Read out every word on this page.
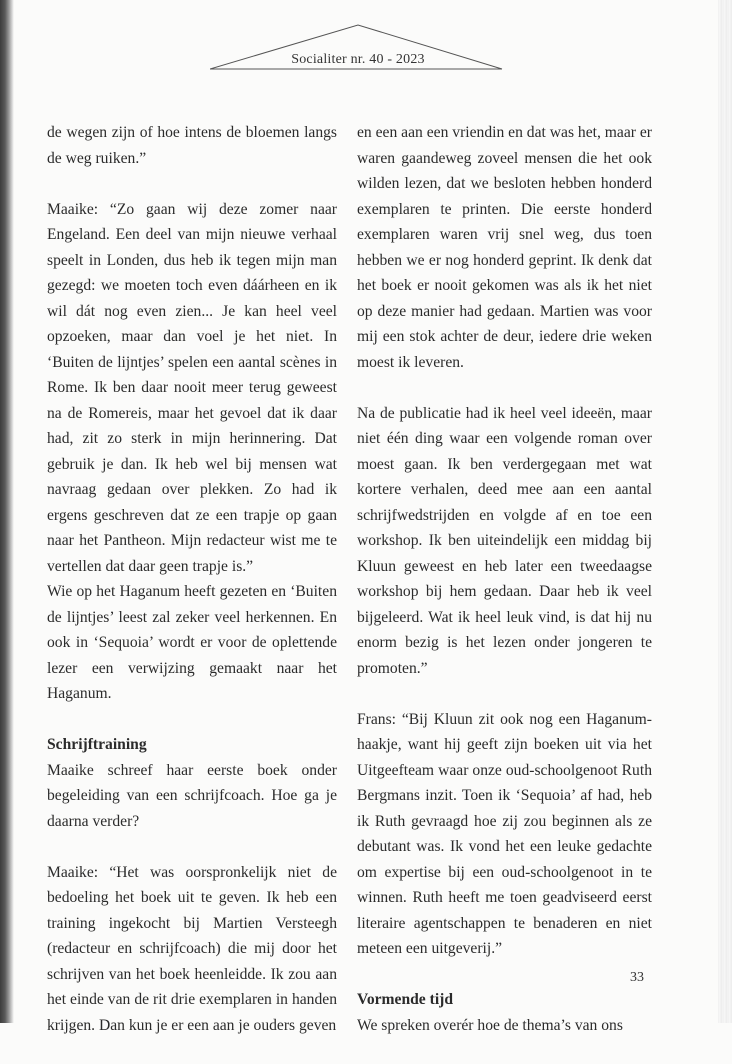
Socialiter nr. 40 - 2023

de wegen zijn of hoe intens de bloemen langs de weg ruiken.”

Maaike: “Zo gaan wij deze zomer naar Engeland. Een deel van mijn nieuwe verhaal speelt in Londen, dus heb ik tegen mijn man gezegd: we moeten toch even dáárheen en ik wil dát nog even zien... Je kan heel veel opzoeken, maar dan voel je het niet. In ‘Buiten de lijntjes’ spelen een aantal scènes in Rome. Ik ben daar nooit meer terug geweest na de Romereis, maar het gevoel dat ik daar had, zit zo sterk in mijn herinnering. Dat gebruik je dan. Ik heb wel bij mensen wat navraag gedaan over plekken. Zo had ik ergens geschreven dat ze een trapje op gaan naar het Pantheon. Mijn redacteur wist me te vertellen dat daar geen trapje is.”

Wie op het Haganum heeft gezeten en ‘Buiten de lijntjes’ leest zal zeker veel herkennen. En ook in ‘Sequoia’ wordt er voor de oplettende lezer een verwijzing gemaakt naar het Haganum.

Schrijftraining

Maaike schreef haar eerste boek onder begeleiding van een schrijfcoach. Hoe ga je daarna verder?

Maaike: “Het was oorspronkelijk niet de bedoeling het boek uit te geven. Ik heb een training ingekocht bij Martien Versteegh (redacteur en schrijfcoach) die mij door het schrijven van het boek heenleidde. Ik zou aan het einde van de rit drie exemplaren in handen krijgen. Dan kun je er een aan je ouders geven

en een aan een vriendin en dat was het, maar er waren gaandeweg zoveel mensen die het ook wilden lezen, dat we besloten hebben honderd exemplaren te printen. Die eerste honderd exemplaren waren vrij snel weg, dus toen hebben we er nog honderd geprint. Ik denk dat het boek er nooit gekomen was als ik het niet op deze manier had gedaan. Martien was voor mij een stok achter de deur, iedere drie weken moest ik leveren.

Na de publicatie had ik heel veel ideeën, maar niet één ding waar een volgende roman over moest gaan. Ik ben verdergegaan met wat kortere verhalen, deed mee aan een aantal schrijfwedstrijden en volgde af en toe een workshop. Ik ben uiteindelijk een middag bij Kluun geweest en heb later een tweedaagse workshop bij hem gedaan. Daar heb ik veel bijgeleerd. Wat ik heel leuk vind, is dat hij nu enorm bezig is het lezen onder jongeren te promoten.”

Frans: “Bij Kluun zit ook nog een Haganum-haakje, want hij geeft zijn boeken uit via het Uitgeefteam waar onze oud-schoolgenoot Ruth Bergmans inzit. Toen ik ‘Sequoia’ af had, heb ik Ruth gevraagd hoe zij zou beginnen als ze debutant was. Ik vond het een leuke gedachte om expertise bij een oud-schoolgenoot in te winnen. Ruth heeft me toen geadviseerd eerst literaire agentschappen te benaderen en niet meteen een uitgeverij.”

Vormende tijd

We spreken overér hoe de thema’s van ons

33
